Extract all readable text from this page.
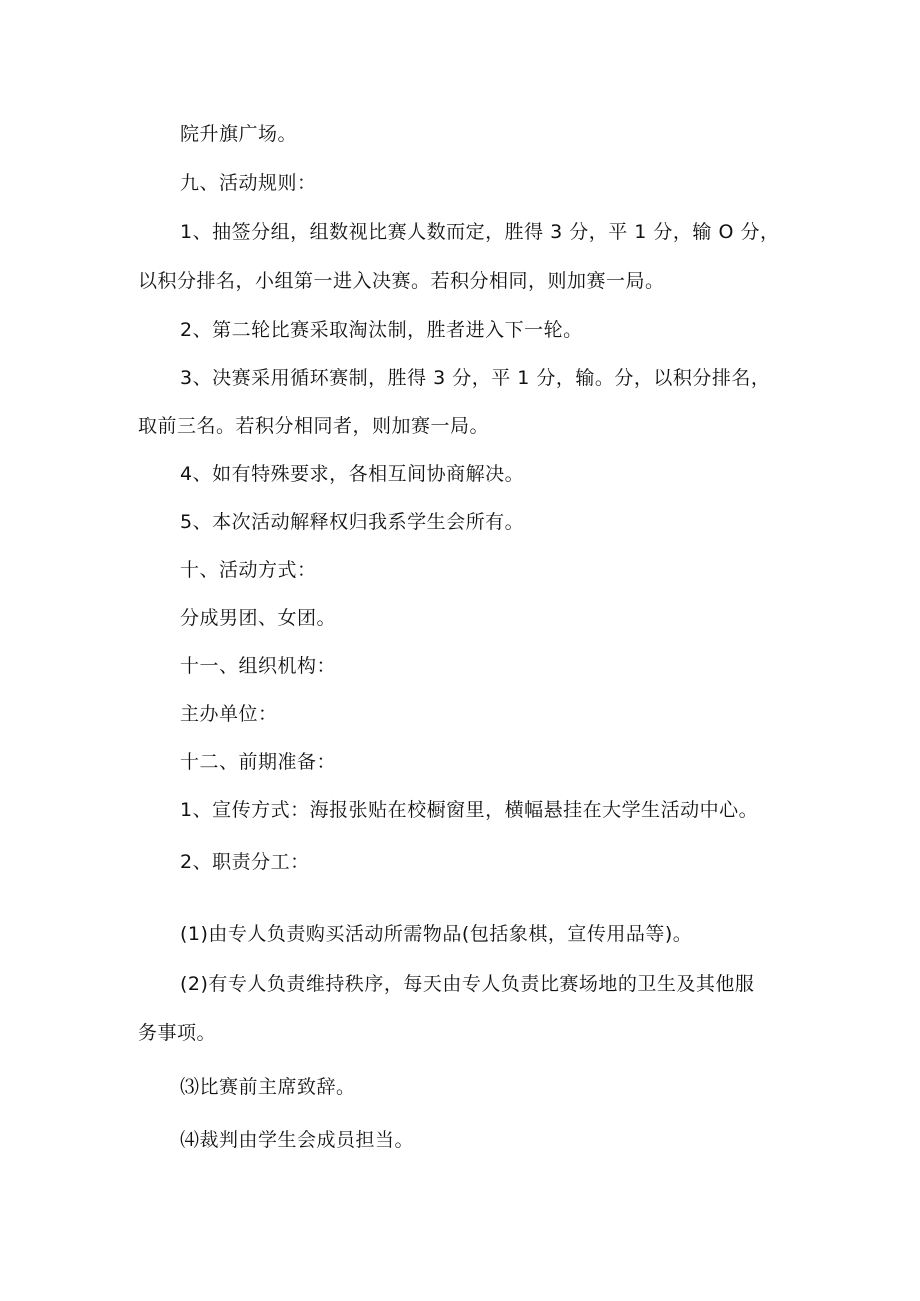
院升旗广场。
九、活动规则：
1、抽签分组，组数视比赛人数而定，胜得 3 分，平 1 分，输 O 分，
以积分排名，小组第一进入决赛。若积分相同，则加赛一局。
2、第二轮比赛采取淘汰制，胜者进入下一轮。
3、决赛采用循环赛制，胜得 3 分，平 1 分，输。分，以积分排名，
取前三名。若积分相同者，则加赛一局。
4、如有特殊要求，各相互间协商解决。
5、本次活动解释权归我系学生会所有。
十、活动方式：
分成男团、女团。
十一、组织机构：
主办单位：
十二、前期准备：
1、宣传方式：海报张贴在校橱窗里，横幅悬挂在大学生活动中心。
2、职责分工：
(1)由专人负责购买活动所需物品(包括象棋，宣传用品等)。
(2)有专人负责维持秩序，每天由专人负责比赛场地的卫生及其他服
务事项。
⑶比赛前主席致辞。
⑷裁判由学生会成员担当。
